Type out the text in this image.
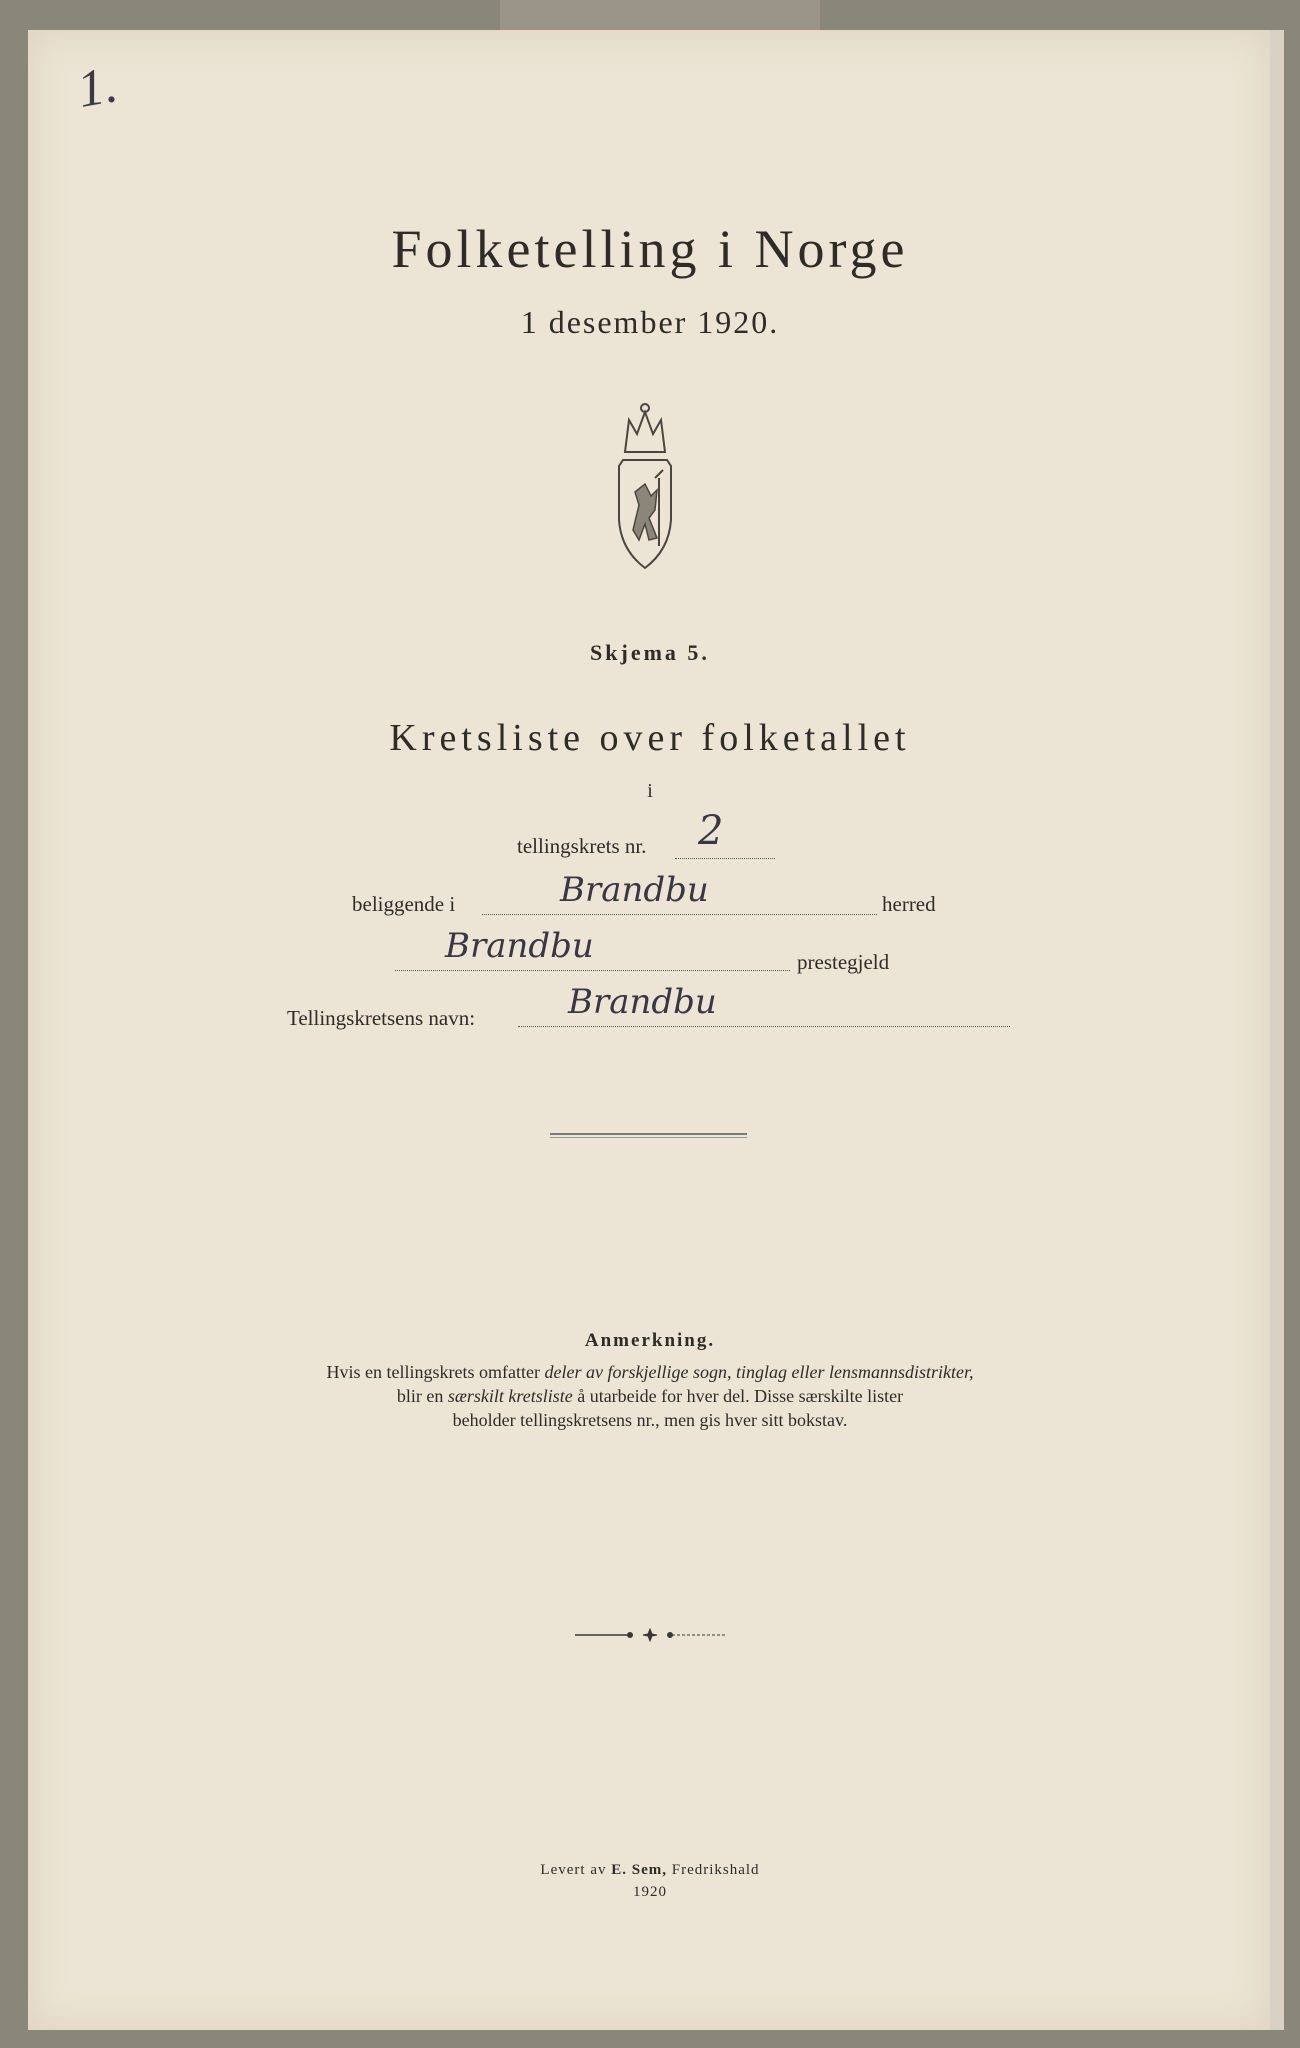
1.
Folketelling i Norge
1 desember 1920.
Skjema 5.
Kretsliste over folketallet
i
tellingskrets nr. 2
beliggende i	Brandbu	herred
Brandbu	prestegjeld
Tellingskretsens navn:	Brandbu
Anmerkning.
Hvis en tellingskrets omfatter deler av forskjellige sogn, tinglag eller lensmannsdistrikter,
blir en særskilt kretsliste å utarbeide for hver del. Disse særskilte lister
beholder tellingskretsens nr., men gis hver sitt bokstav.
Levert av E. Sem, Fredrikshald
1920
